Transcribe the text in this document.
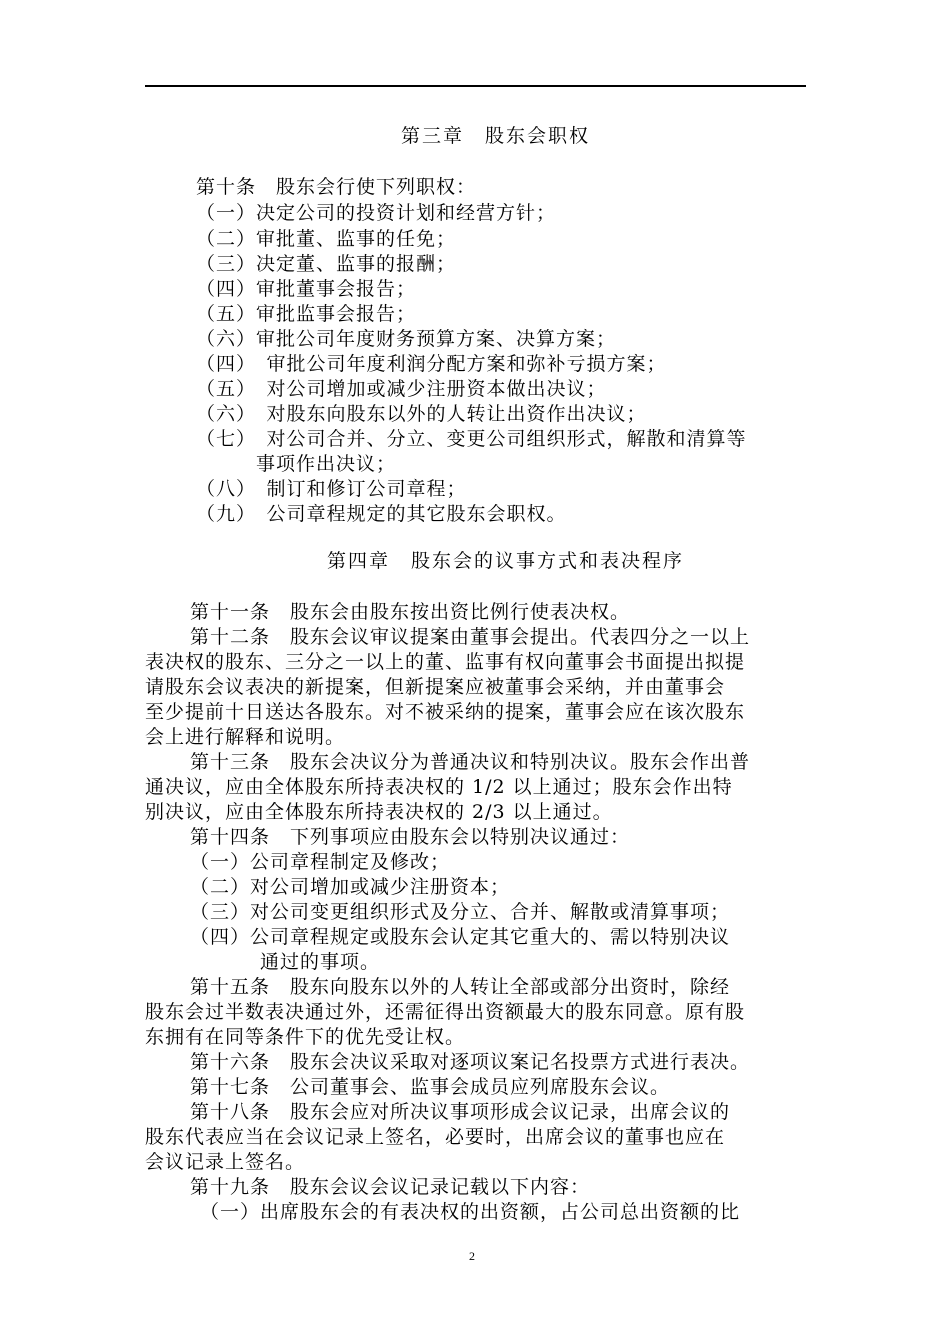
第三章　股东会职权
第十条　股东会行使下列职权：
（一）决定公司的投资计划和经营方针；
（二）审批董、监事的任免；
（三）决定董、监事的报酬；
（四）审批董事会报告；
（五）审批监事会报告；
（六）审批公司年度财务预算方案、决算方案；
（四）　审批公司年度利润分配方案和弥补亏损方案；
（五）　对公司增加或减少注册资本做出决议；
（六）　对股东向股东以外的人转让出资作出决议；
（七）　对公司合并、分立、变更公司组织形式，解散和清算等
事项作出决议；
（八）　制订和修订公司章程；
（九）　公司章程规定的其它股东会职权。
第四章　股东会的议事方式和表决程序
第十一条　股东会由股东按出资比例行使表决权。
第十二条　股东会议审议提案由董事会提出。代表四分之一以上
表决权的股东、三分之一以上的董、监事有权向董事会书面提出拟提
请股东会议表决的新提案，但新提案应被董事会采纳，并由董事会
至少提前十日送达各股东。对不被采纳的提案，董事会应在该次股东
会上进行解释和说明。
第十三条　股东会决议分为普通决议和特别决议。股东会作出普
通决议，应由全体股东所持表决权的 1/2 以上通过；股东会作出特
别决议，应由全体股东所持表决权的 2/3 以上通过。
第十四条　下列事项应由股东会以特别决议通过：
（一）公司章程制定及修改；
（二）对公司增加或减少注册资本；
（三）对公司变更组织形式及分立、合并、解散或清算事项；
（四）公司章程规定或股东会认定其它重大的、需以特别决议
通过的事项。
第十五条　股东向股东以外的人转让全部或部分出资时，除经
股东会过半数表决通过外，还需征得出资额最大的股东同意。原有股
东拥有在同等条件下的优先受让权。
第十六条　股东会决议采取对逐项议案记名投票方式进行表决。
第十七条　公司董事会、监事会成员应列席股东会议。
第十八条　股东会应对所决议事项形成会议记录，出席会议的
股东代表应当在会议记录上签名，必要时，出席会议的董事也应在
会议记录上签名。
第十九条　股东会议会议记录记载以下内容：
（一）出席股东会的有表决权的出资额，占公司总出资额的比
2
